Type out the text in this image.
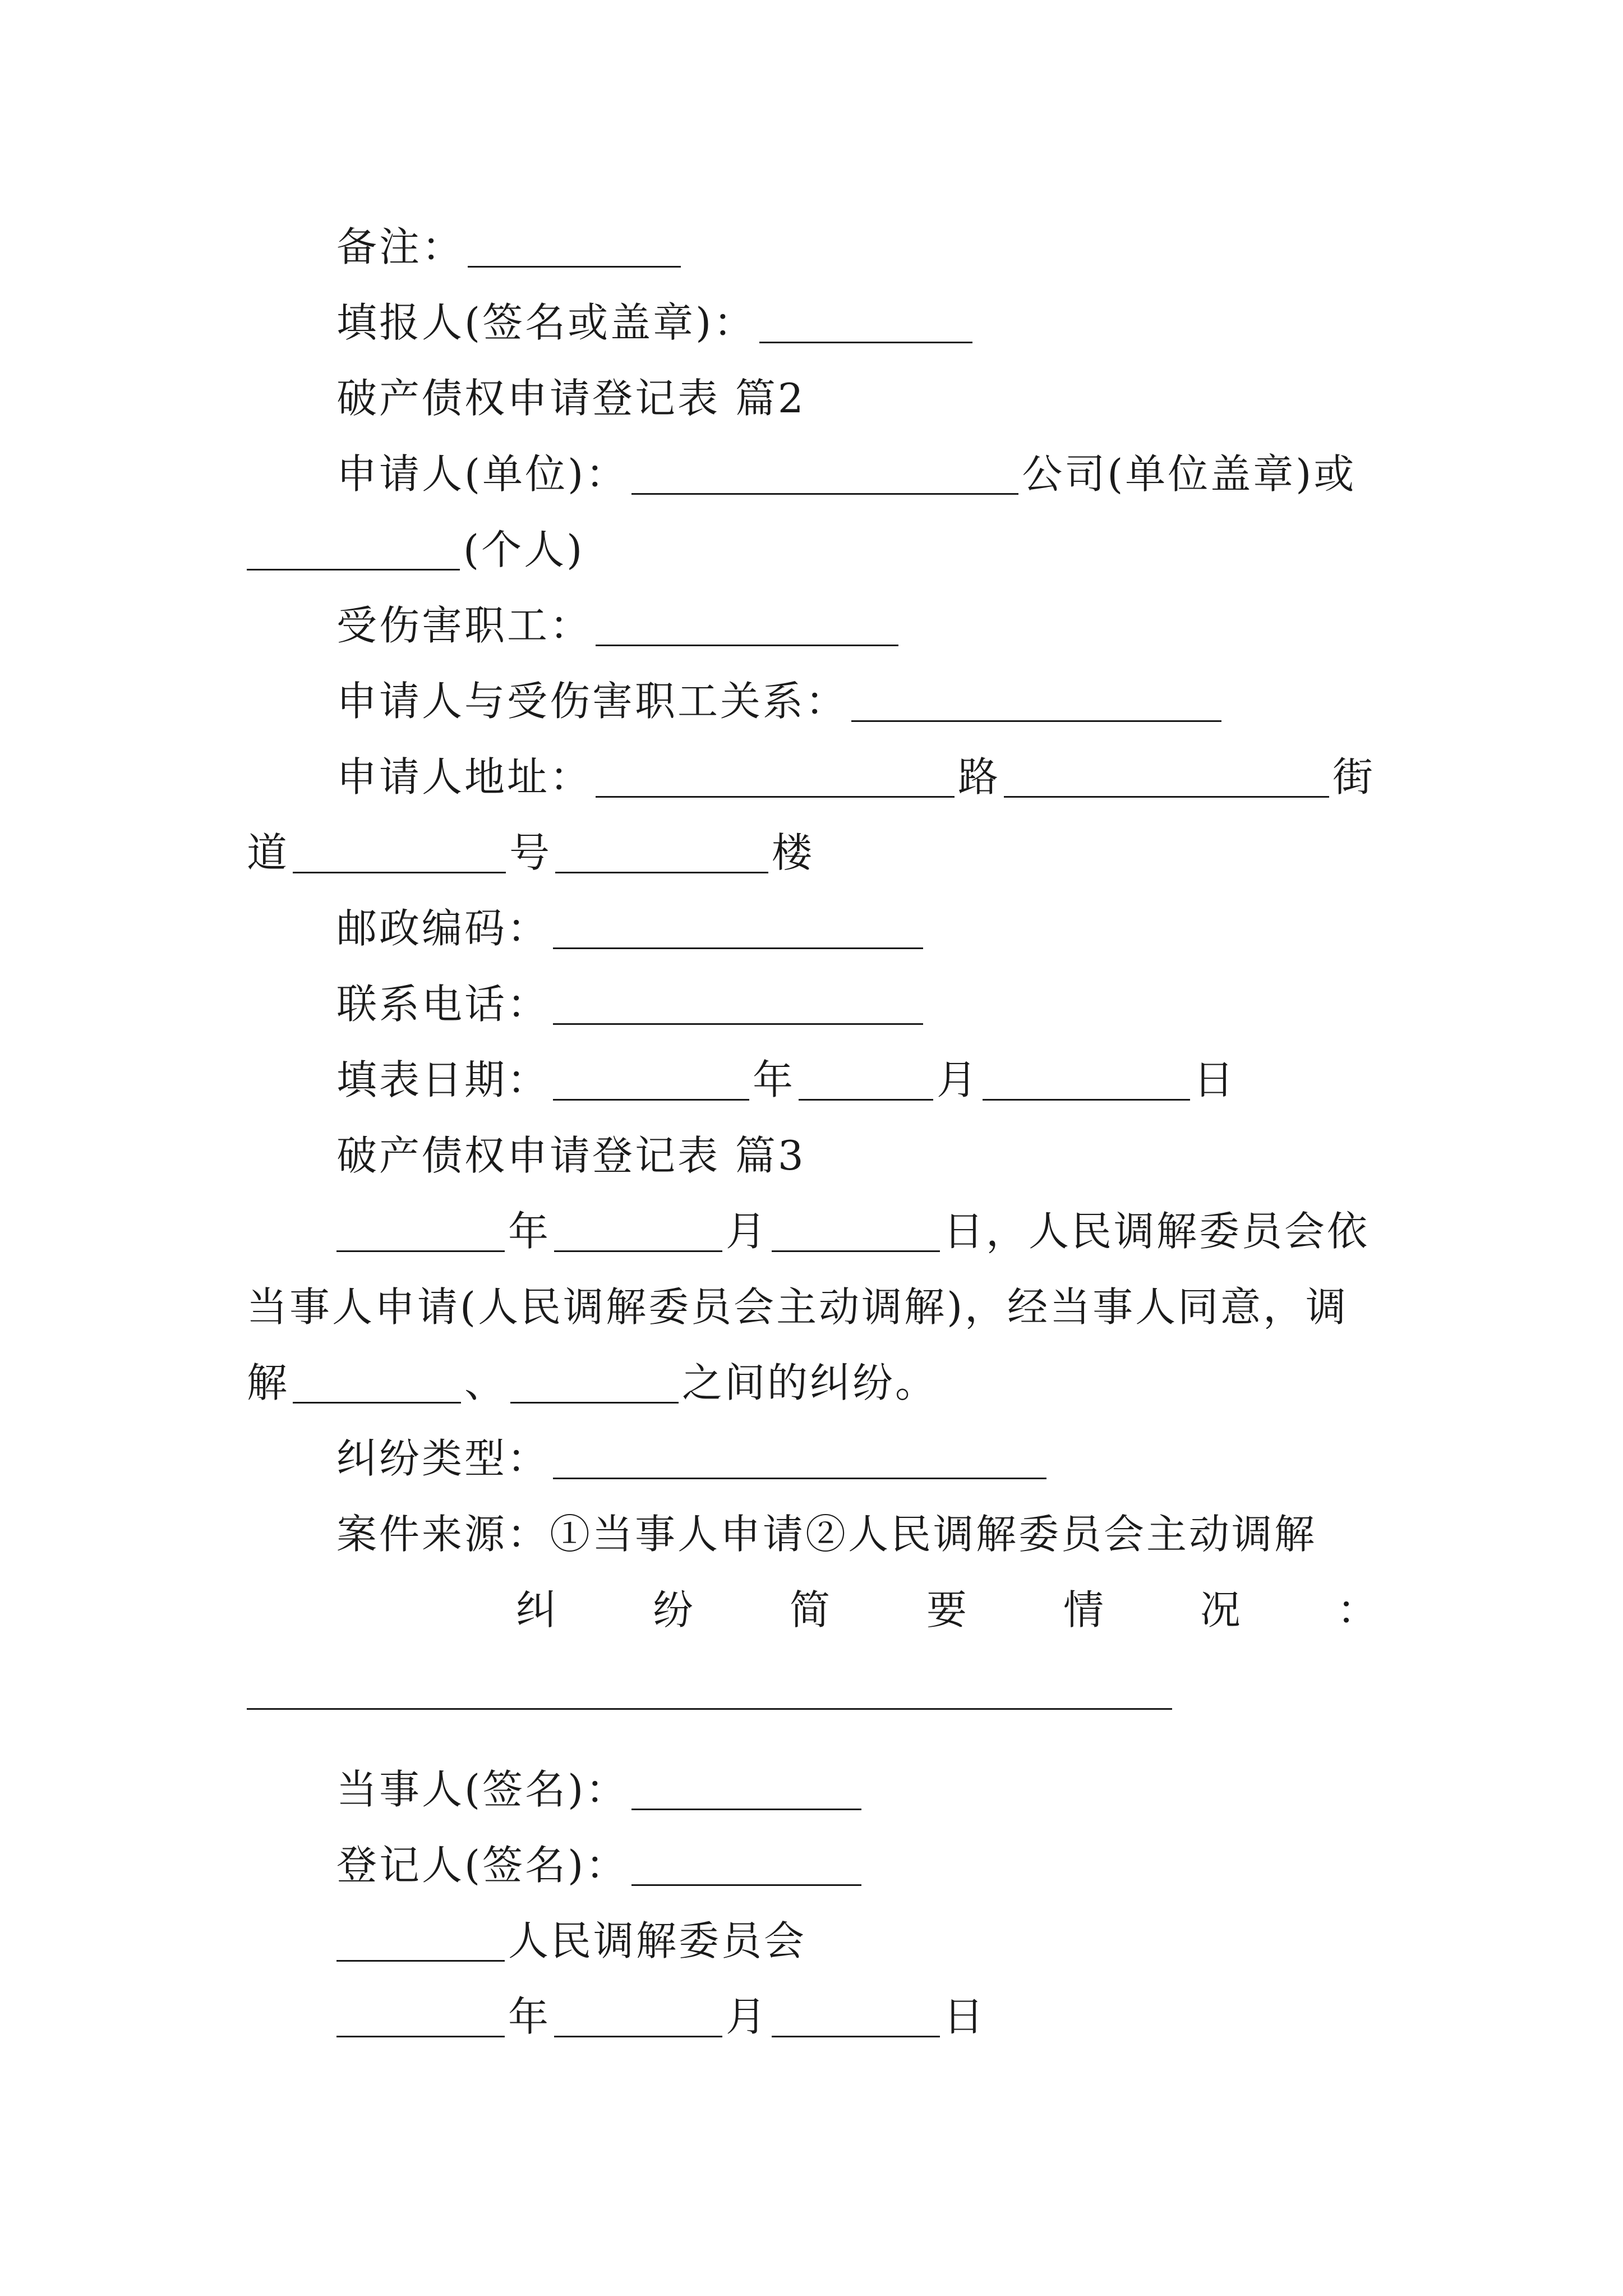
备注：
填报人(签名或盖章)：
破产债权申请登记表 篇2
申请人(单位)：	公司(单位盖章)或
(个人)
受伤害职工：
申请人与受伤害职工关系：
申请人地址：	路	街
道	号	楼
邮政编码：
联系电话：
填表日期：	年	月	日
破产债权申请登记表 篇3
年	月	日，人民调解委员会依
当事人申请(人民调解委员会主动调解)，经当事人同意，调
解	、	之间的纠纷。
纠纷类型：
案件来源：①当事人申请②人民调解委员会主动调解
纠 纷 简 要 情 况 ：
当事人(签名)：
登记人(签名)：
人民调解委员会
年	月	日
